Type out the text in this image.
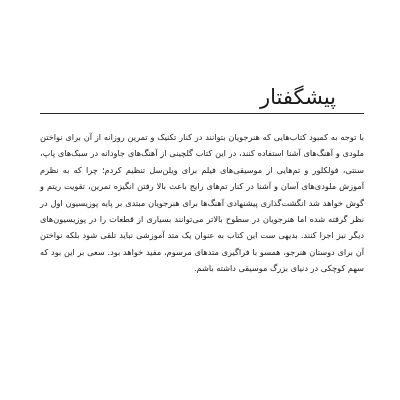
پیشگفتار

با توجه به کمبود کتاب‌هایی که هنرجویان بتوانند در کنار تکنیک و تمرین روزانه از آن برای نواختن ملودی و آهنگ‌های آشنا استفاده کنند، در این کتاب گلچینی از آهنگ‌های جاودانه در سبک‌های پاپ، سنتی، فولکلور و تم‌هایی از موسیقی‌های فیلم برای ویلن‌سل تنظیم کردم؛ چرا که به نظرم آموزش ملودی‌های آسان و آشنا در کنار تم‌های رایج باعث بالا رفتن انگیزه تمرین، تقویت ریتم و گوش خواهد شد انگشت‌گذاری پیشنهادی آهنگ‌ها برای هنرجویان مبتدی بر پایه پوزیسیون اول در نظر گرفته شده اما هنرجویان در سطوح بالاتر می‌توانند بسیاری از قطعات را در پوزیسیون‌های دیگر نیز اجرا کنند. بدیهی ست این کتاب به عنوان یک متد آموزشی نباید تلقی شود بلکه نواختن آن برای دوستان هنرجو، همسو با فراگیری متدهای مرسوم، مفید خواهد بود. سعی بر این بود که سهم کوچکی در دنیای بزرگ موسیقی داشته باشم.
